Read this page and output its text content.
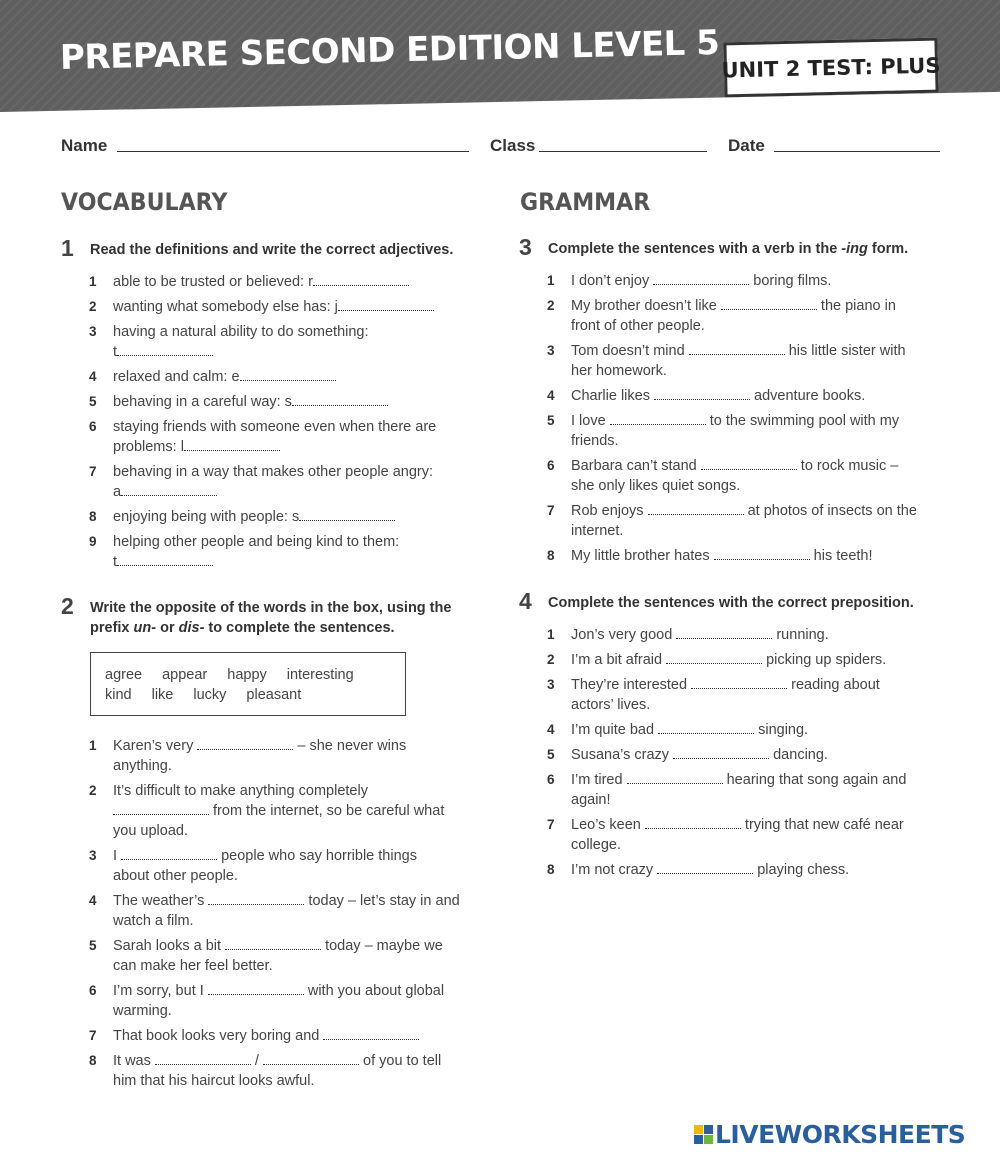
PREPARE SECOND EDITION LEVEL 5 UNIT 2 TEST: PLUS
Name	Class	Date
VOCABULARY	GRAMMAR
1 Read the definitions and write the correct adjectives.
1 able to be trusted or believed: r
2 wanting what somebody else has: j
3 having a natural ability to do something:
t
4 relaxed and calm: e
5 behaving in a careful way: s
6 staying friends with someone even when there are
problems: l
7 behaving in a way that makes other people angry:
a
8 enjoying being with people: s
9 helping other people and being kind to them:
t
2 Write the opposite of the words in the box, using the
prefix un- or dis- to complete the sentences.
agree appear happy interesting
kind like lucky pleasant
1 Karen’s very	– she never wins
anything.
2 It’s difficult to make anything completely
from the internet, so be careful what
you upload.
3 I	people who say horrible things
about other people.
4 The weather’s	today – let’s stay in and
watch a film.
5 Sarah looks a bit	today – maybe we
can make her feel better.
6 I’m sorry, but I	with you about global
warming.
7 That book looks very boring and
8 It was	/	of you to tell
him that his haircut looks awful.
3 Complete the sentences with a verb in the -ing form.
1 I don’t enjoy	boring films.
2 My brother doesn’t like	the piano in
front of other people.
3 Tom doesn’t mind	his little sister with
her homework.
4 Charlie likes	adventure books.
5 I love	to the swimming pool with my
friends.
6 Barbara can’t stand	to rock music –
she only likes quiet songs.
7 Rob enjoys	at photos of insects on the
internet.
8 My little brother hates	his teeth!
4 Complete the sentences with the correct preposition.
1 Jon’s very good	running.
2 I’m a bit afraid	picking up spiders.
3 They’re interested	reading about
actors’ lives.
4 I’m quite bad	singing.
5 Susana’s crazy	dancing.
6 I’m tired	hearing that song again and
again!
7 Leo’s keen	trying that new café near
college.
8 I’m not crazy	playing chess.
LIVEWORKSHEETS
